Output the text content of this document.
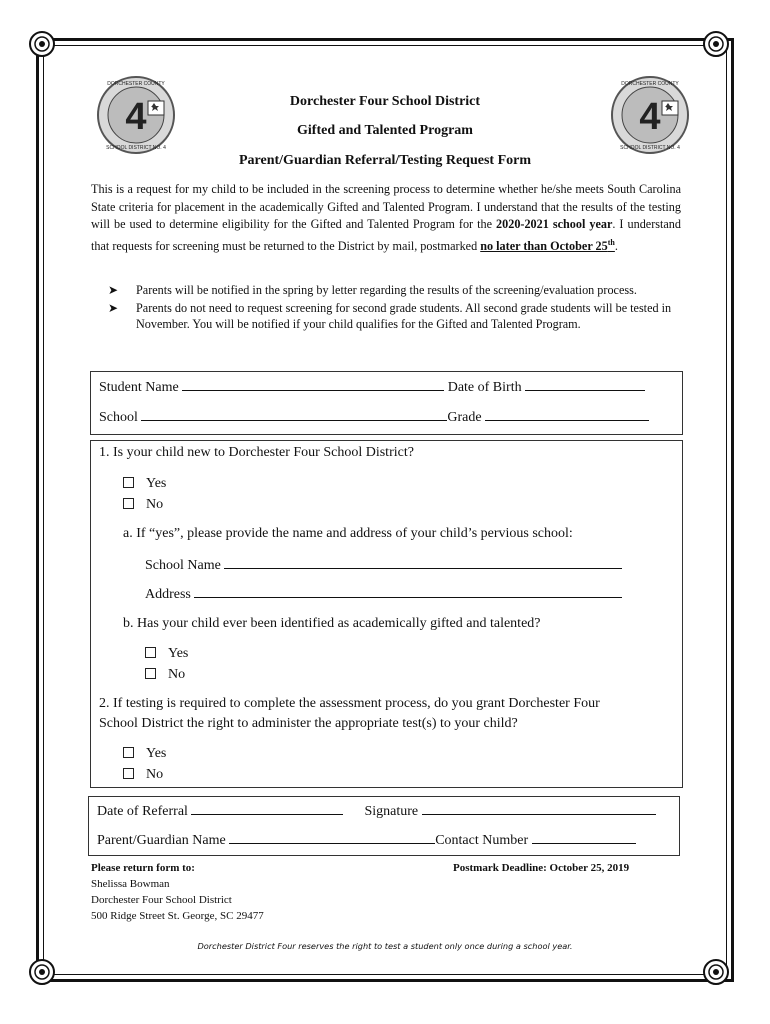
4
DORCHESTER COUNTY
SCHOOL DISTRICT NO. 4
4
DORCHESTER COUNTY
SCHOOL DISTRICT NO. 4
Dorchester Four School District
Gifted and Talented Program
Parent/Guardian Referral/Testing Request Form
This is a request for my child to be included in the screening process to determine whether he/she meets South Carolina State criteria for placement in the academically Gifted and Talented Program. I understand that the results of the testing will be used to determine eligibility for the Gifted and Talented Program for the 2020-2021 school year. I understand that requests for screening must be returned to the District by mail, postmarked no later than October 25th.
➤ Parents will be notified in the spring by letter regarding the results of the screening/evaluation process.
➤ Parents do not need to request screening for second grade students. All second grade students will be tested in November. You will be notified if your child qualifies for the Gifted and Talented Program.
Student Name	Date of Birth
School	Grade
1. Is your child new to Dorchester Four School District?
Yes
No
a. If “yes”, please provide the name and address of your child’s pervious school:
School Name
Address
b. Has your child ever been identified as academically gifted and talented?
Yes
No
2. If testing is required to complete the assessment process, do you grant Dorchester Four
School District the right to administer the appropriate test(s) to your child?
Yes
No
Date of Referral	Signature
Parent/Guardian Name	Contact Number
Please return form to:
Shelissa Bowman
Dorchester Four School District
500 Ridge Street St. George, SC 29477
Postmark Deadline: October 25, 2019
Dorchester District Four reserves the right to test a student only once during a school year.
